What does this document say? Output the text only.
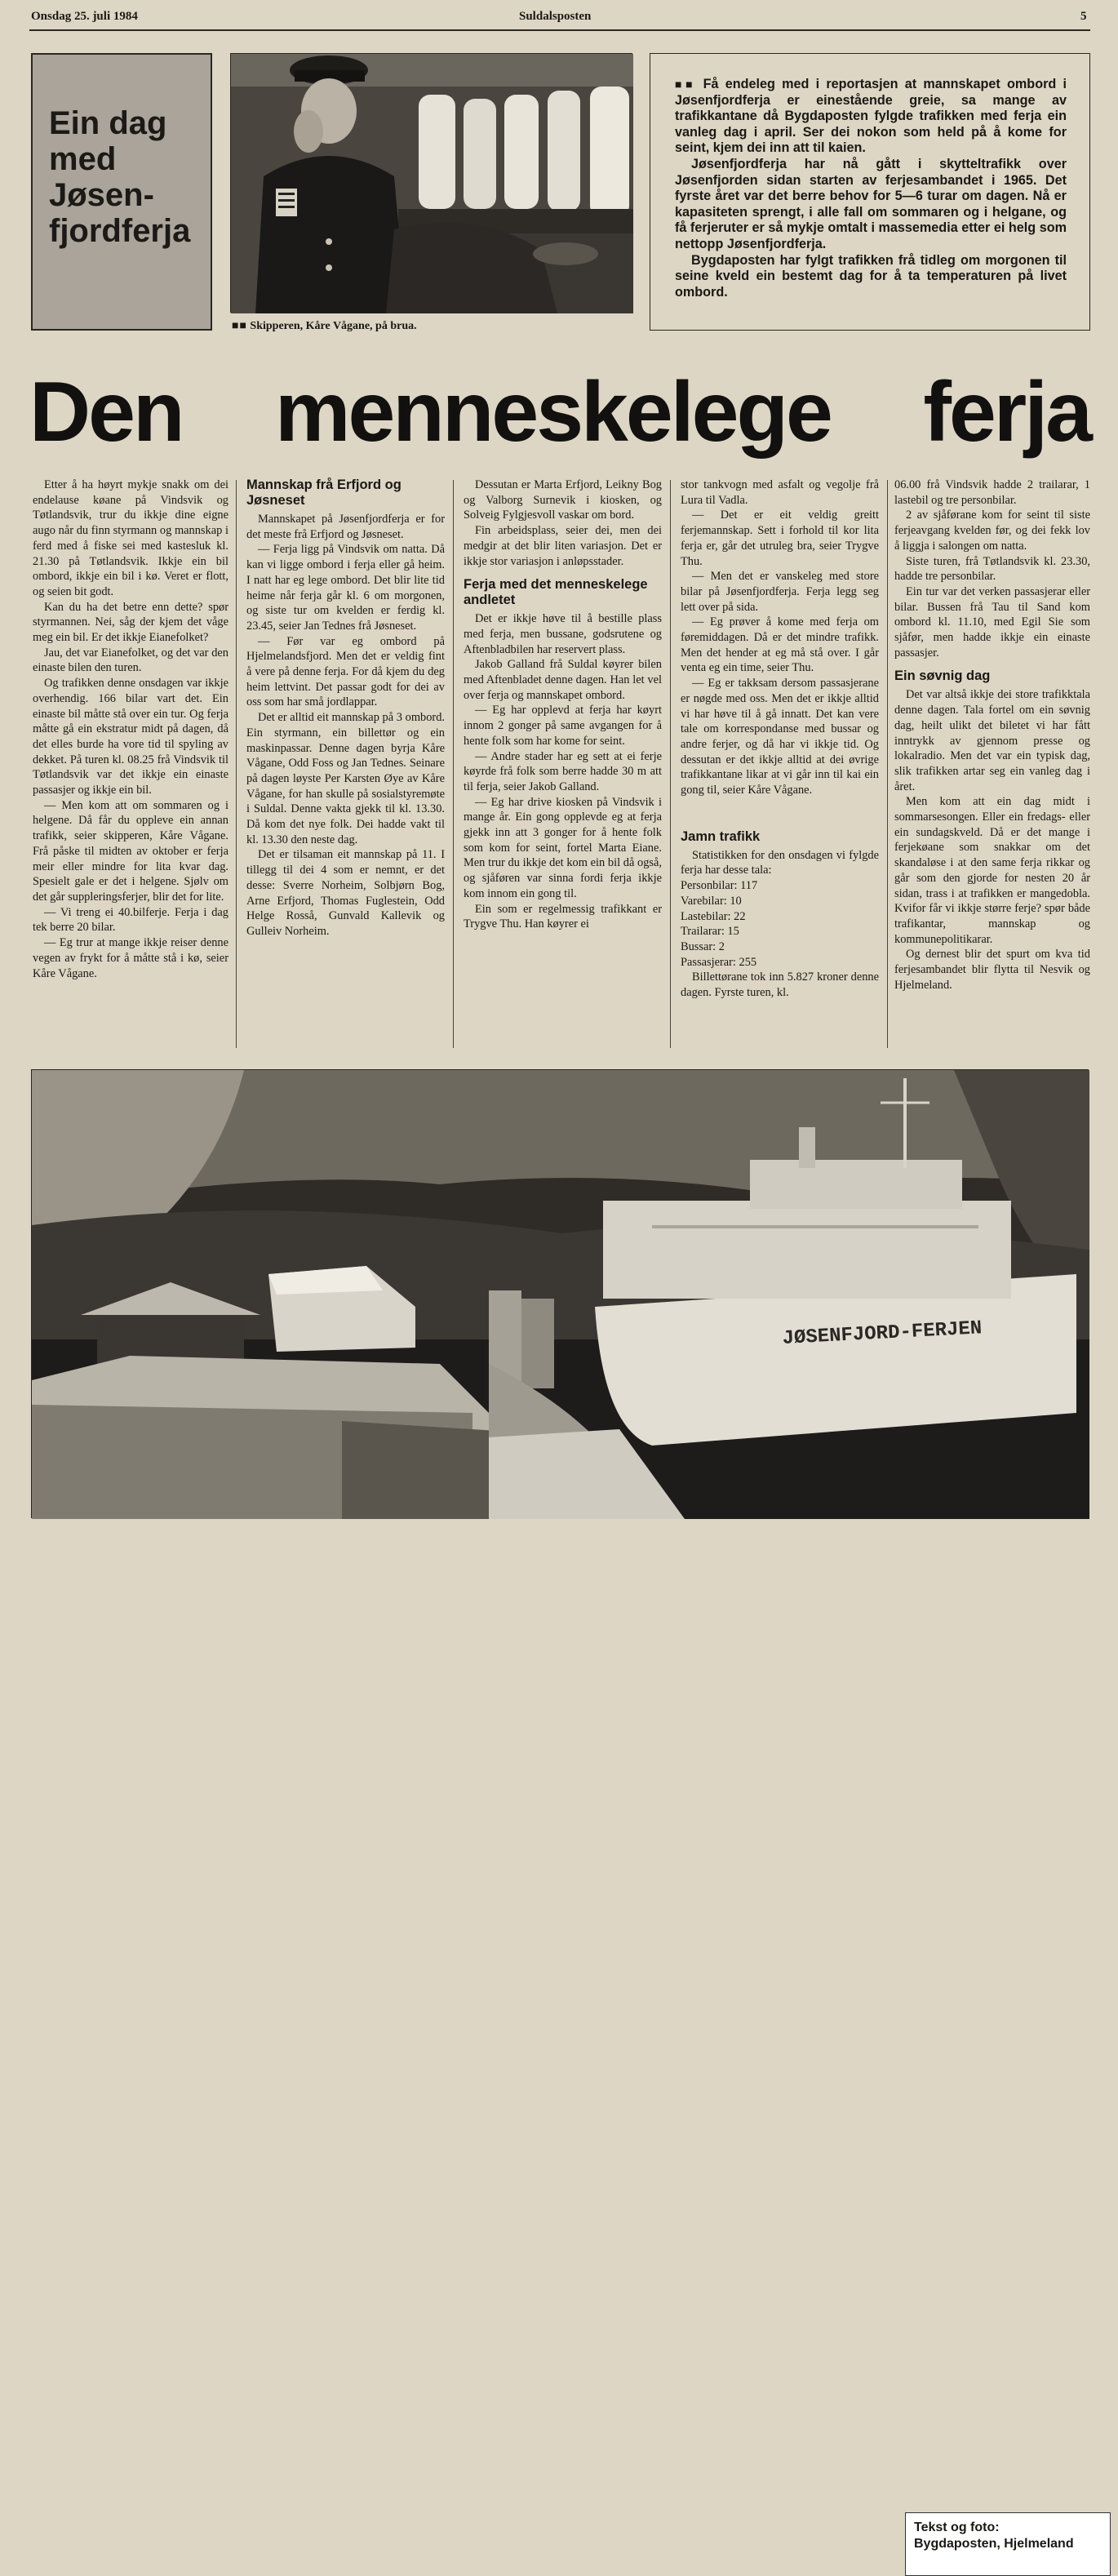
Onsdag 25. juli 1984	Suldalsposten	5
Ein dag
med
Jøsen-
fjordferja
■■ Skipperen, Kåre Vågane, på brua.

■■ Få endeleg med i reportasjen at mannskapet ombord i Jøsenfjordferja er einestående greie, sa mange av trafikkantane då Bygdaposten fylgde trafikken med ferja ein vanleg dag i april. Ser dei nokon som held på å kome for seint, kjem dei inn att til kaien.

Jøsenfjordferja har nå gått i skytteltrafikk over Jøsenfjorden sidan starten av ferjesambandet i 1965. Det fyrste året var det berre behov for 5—6 turar om dagen. Nå er kapasiteten sprengt, i alle fall om sommaren og i helgane, og få ferjeruter er så mykje omtalt i massemedia etter ei helg som nettopp Jøsenfjordferja.

Bygdaposten har fylgt trafikken frå tidleg om morgonen til seine kveld ein bestemt dag for å ta temperaturen på livet ombord.

Den menneskelege ferja

Etter å ha høyrt mykje snakk om dei endelause køane på Vindsvik og Tøtlandsvik, trur du ikkje dine eigne augo når du finn styrmann og mannskap i ferd med å fiske sei med kastesluk kl. 21.30 på Tøtlandsvik. Ikkje ein bil ombord, ikkje ein bil i kø. Veret er flott, og seien bit godt.

Kan du ha det betre enn dette? spør styrmannen. Nei, såg der kjem det våge meg ein bil. Er det ikkje Eianefolket?

Jau, det var Eianefolket, og det var den einaste bilen den turen.

Og trafikken denne onsdagen var ikkje overhendig. 166 bilar vart det. Ein einaste bil måtte stå over ein tur. Og ferja måtte gå ein ekstratur midt på dagen, då det elles burde ha vore tid til spyling av dekket. På turen kl. 08.25 frå Vindsvik til Tøtlandsvik var det ikkje ein einaste passasjer og ikkje ein bil.

— Men kom att om sommaren og i helgene. Då får du oppleve ein annan trafikk, seier skipperen, Kåre Vågane. Frå påske til midten av oktober er ferja meir eller mindre for lita kvar dag. Spesielt gale er det i helgene. Sjølv om det går suppleringsferjer, blir det for lite.

— Vi treng ei 40.bilferje. Ferja i dag tek berre 20 bilar.

— Eg trur at mange ikkje reiser denne vegen av frykt for å måtte stå i kø, seier Kåre Vågane.

Mannskap frå Erfjord og Jøsneset

Mannskapet på Jøsenfjordferja er for det meste frå Erfjord og Jøsneset.

— Ferja ligg på Vindsvik om natta. Då kan vi ligge ombord i ferja eller gå heim. I natt har eg lege ombord. Det blir lite tid heime når ferja går kl. 6 om morgonen, og siste tur om kvelden er ferdig kl. 23.45, seier Jan Tednes frå Jøsneset.

— Før var eg ombord på Hjelmelandsfjord. Men det er veldig fint å vere på denne ferja. For då kjem du deg heim lettvint. Det passar godt for dei av oss som har små jordlappar.

Det er alltid eit mannskap på 3 ombord. Ein styrmann, ein billettør og ein maskinpassar. Denne dagen byrja Kåre Vågane, Odd Foss og Jan Tednes. Seinare på dagen løyste Per Karsten Øye av Kåre Vågane, for han skulle på sosialstyremøte i Suldal. Denne vakta gjekk til kl. 13.30. Då kom det nye folk. Dei hadde vakt til kl. 13.30 den neste dag.

Det er tilsaman eit mannskap på 11. I tillegg til dei 4 som er nemnt, er det desse: Sverre Norheim, Solbjørn Bog, Arne Erfjord, Thomas Fuglestein, Odd Helge Rosså, Gunvald Kallevik og Gulleiv Norheim.

Dessutan er Marta Erfjord, Leikny Bog og Valborg Surnevik i kiosken, og Solveig Fylgjesvoll vaskar om bord.

Fin arbeidsplass, seier dei, men dei medgir at det blir liten variasjon. Det er ikkje stor variasjon i anløpsstader.

Ferja med det menneskelege andletet

Det er ikkje høve til å bestille plass med ferja, men bussane, godsrutene og Aftenbladbilen har reservert plass.

Jakob Galland frå Suldal køyrer bilen med Aftenbladet denne dagen. Han let vel over ferja og mannskapet ombord.

— Eg har opplevd at ferja har køyrt innom 2 gonger på same avgangen for å hente folk som har kome for seint.

— Andre stader har eg sett at ei ferje køyrde frå folk som berre hadde 30 m att til ferja, seier Jakob Galland.

— Eg har drive kiosken på Vindsvik i mange år. Ein gong opplevde eg at ferja gjekk inn att 3 gonger for å hente folk som kom for seint, fortel Marta Eiane. Men trur du ikkje det kom ein bil då også, og sjåføren var sinna fordi ferja ikkje kom innom ein gong til.

Ein som er regelmessig trafikkant er Trygve Thu. Han køyrer ei

stor tankvogn med asfalt og vegolje frå Lura til Vadla.

— Det er eit veldig greitt ferjemannskap. Sett i forhold til kor lita ferja er, går det utruleg bra, seier Trygve Thu.

— Men det er vanskeleg med store bilar på Jøsenfjordferja. Ferja legg seg lett over på sida.

— Eg prøver å kome med ferja om føremiddagen. Då er det mindre trafikk. Men det hender at eg må stå over. I går venta eg ein time, seier Thu.

— Eg er takksam dersom passasjerane er nøgde med oss. Men det er ikkje alltid vi har høve til å gå innatt. Det kan vere tale om korrespondanse med bussar og andre ferjer, og då har vi ikkje tid. Og dessutan er det ikkje alltid at dei øvrige trafikkantane likar at vi går inn til kai ein gong til, seier Kåre Vågane.

Jamn trafikk

Statistikken for den onsdagen vi fylgde ferja har desse tala:

Personbilar: 117

Varebilar: 10

Lastebilar: 22

Trailarar: 15

Bussar: 2

Passasjerar: 255

Billettørane tok inn 5.827 kroner denne dagen. Fyrste turen, kl.

06.00 frå Vindsvik hadde 2 trailarar, 1 lastebil og tre personbilar.

2 av sjåførane kom for seint til siste ferjeavgang kvelden før, og dei fekk lov å liggja i salongen om natta.

Siste turen, frå Tøtlandsvik kl. 23.30, hadde tre personbilar.

Ein tur var det verken passasjerar eller bilar. Bussen frå Tau til Sand kom ombord kl. 11.10, med Egil Sie som sjåfør, men hadde ikkje ein einaste passasjer.

Ein søvnig dag

Det var altså ikkje dei store trafikktala denne dagen. Tala fortel om ein søvnig dag, heilt ulikt det biletet vi har fått inntrykk av gjennom presse og lokalradio. Men det var ein typisk dag, slik trafikken artar seg ein vanleg dag i året.

Men kom att ein dag midt i sommarsesongen. Eller ein fredags- eller ein sundagskveld. Då er det mange i ferjekøane som snakkar om det skandaløse i at den same ferja rikkar og går som den gjorde for nesten 20 år sidan, trass i at trafikken er mangedobla. Kvifor får vi ikkje større ferje? spør både trafikantar, mannskap og kommunepolitikarar.

Og dernest blir det spurt om kva tid ferjesambandet blir flytta til Nesvik og Hjelmeland.

JØSENFJORD-FERJEN
Tekst og foto:
Bygdaposten, Hjelmeland
